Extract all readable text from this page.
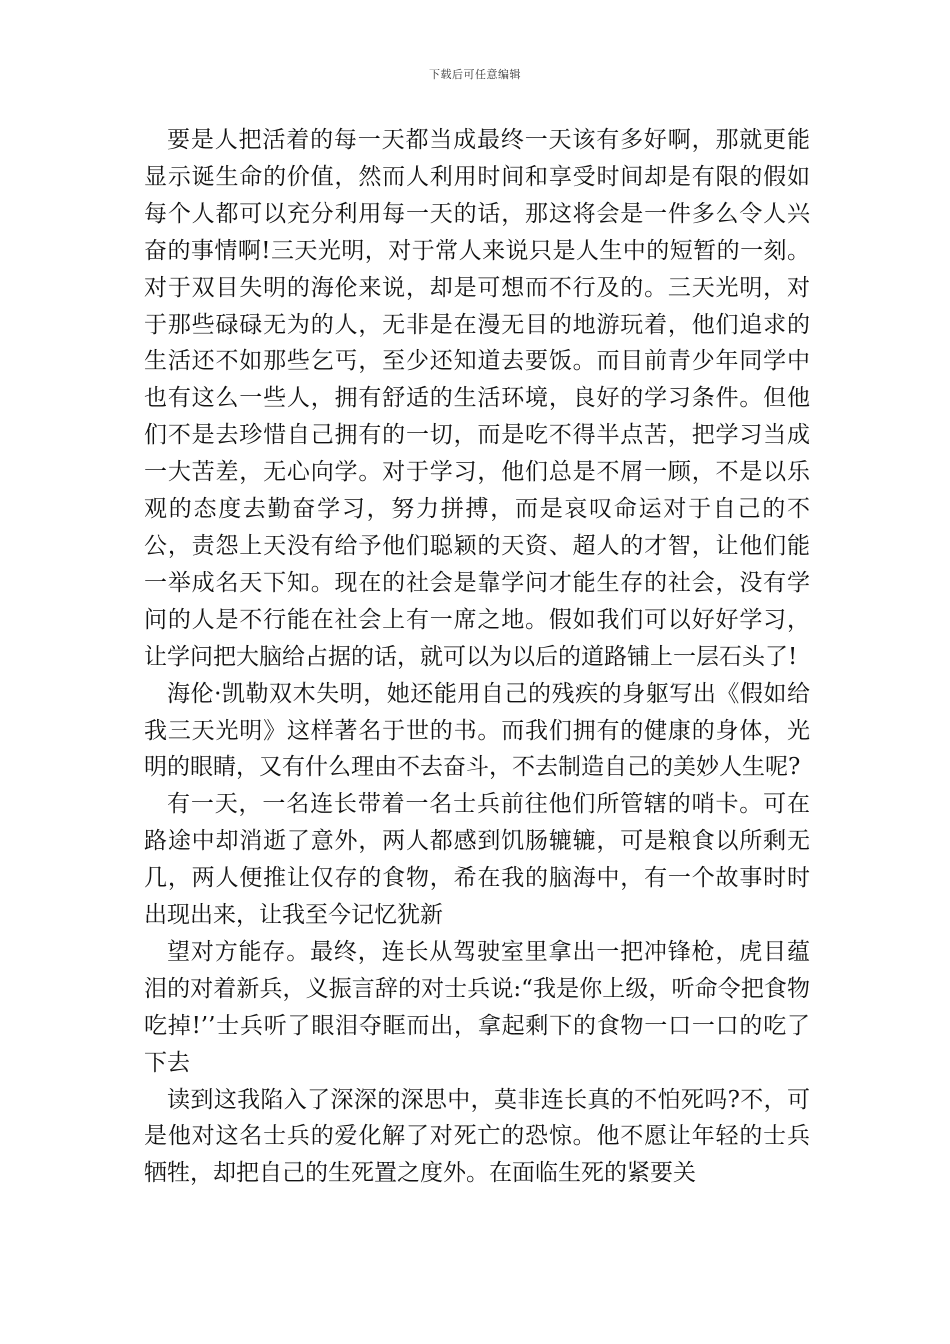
下载后可任意编辑

要是人把活着的每一天都当成最终一天该有多好啊，那就更能显示诞生命的价值，然而人利用时间和享受时间却是有限的假如每个人都可以充分利用每一天的话，那这将会是一件多么令人兴奋的事情啊!三天光明，对于常人来说只是人生中的短暂的一刻。对于双目失明的海伦来说，却是可想而不行及的。三天光明，对于那些碌碌无为的人，无非是在漫无目的地游玩着，他们追求的生活还不如那些乞丐，至少还知道去要饭。而目前青少年同学中也有这么一些人，拥有舒适的生活环境，良好的学习条件。但他们不是去珍惜自己拥有的一切，而是吃不得半点苦，把学习当成一大苦差，无心向学。对于学习，他们总是不屑一顾，不是以乐观的态度去勤奋学习，努力拼搏，而是哀叹命运对于自己的不公，责怨上天没有给予他们聪颖的天资、超人的才智，让他们能一举成名天下知。现在的社会是靠学问才能生存的社会，没有学问的人是不行能在社会上有一席之地。假如我们可以好好学习，让学问把大脑给占据的话，就可以为以后的道路铺上一层石头了!

海伦·凯勒双木失明，她还能用自己的残疾的身躯写出《假如给我三天光明》这样著名于世的书。而我们拥有的健康的身体，光明的眼睛，又有什么理由不去奋斗，不去制造自己的美妙人生呢?

有一天，一名连长带着一名士兵前往他们所管辖的哨卡。可在路途中却消逝了意外，两人都感到饥肠辘辘，可是粮食以所剩无几，两人便推让仅存的食物，希在我的脑海中，有一个故事时时出现出来，让我至今记忆犹新

望对方能存。最终，连长从驾驶室里拿出一把冲锋枪，虎目蕴泪的对着新兵，义振言辞的对士兵说:“我是你上级，听命令把食物吃掉!’’士兵听了眼泪夺眶而出，拿起剩下的食物一口一口的吃了下去

读到这我陷入了深深的深思中，莫非连长真的不怕死吗?不，可是他对这名士兵的爱化解了对死亡的恐惊。他不愿让年轻的士兵牺牲，却把自己的生死置之度外。在面临生死的紧要关
